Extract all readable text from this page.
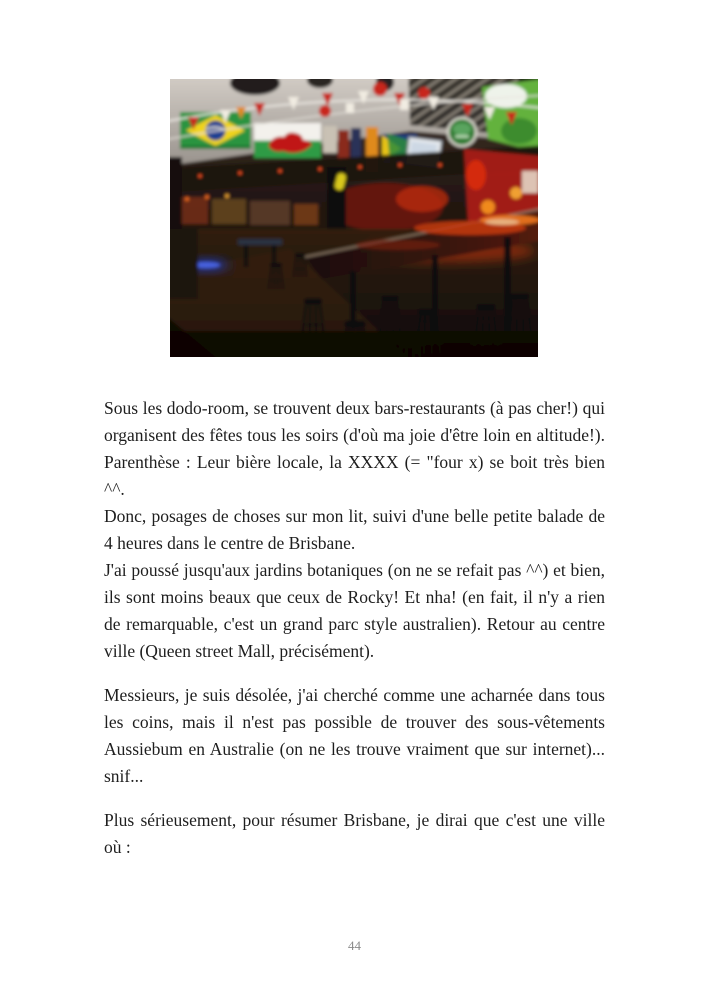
Sous les dodo-room, se trouvent deux bars-restaurants (à pas cher!) qui organisent des fêtes tous les soirs (d'où ma joie d'être loin en altitude!). Parenthèse : Leur bière locale, la XXXX (= "four x) se boit très bien ^^.

Donc, posages de choses sur mon lit, suivi d'une belle petite balade de 4 heures dans le centre de Brisbane.

J'ai poussé jusqu'aux jardins botaniques (on ne se refait pas ^^) et bien, ils sont moins beaux que ceux de Rocky! Et nha! (en fait, il n'y a rien de remarquable, c'est un grand parc style australien). Retour au centre ville (Queen street Mall, précisément).

Messieurs, je suis désolée, j'ai cherché comme une acharnée dans tous les coins, mais il n'est pas possible de trouver des sous-vêtements Aussiebum en Australie (on ne les trouve vraiment que sur internet)... snif...

Plus sérieusement, pour résumer Brisbane, je dirai que c'est une ville où :

44
